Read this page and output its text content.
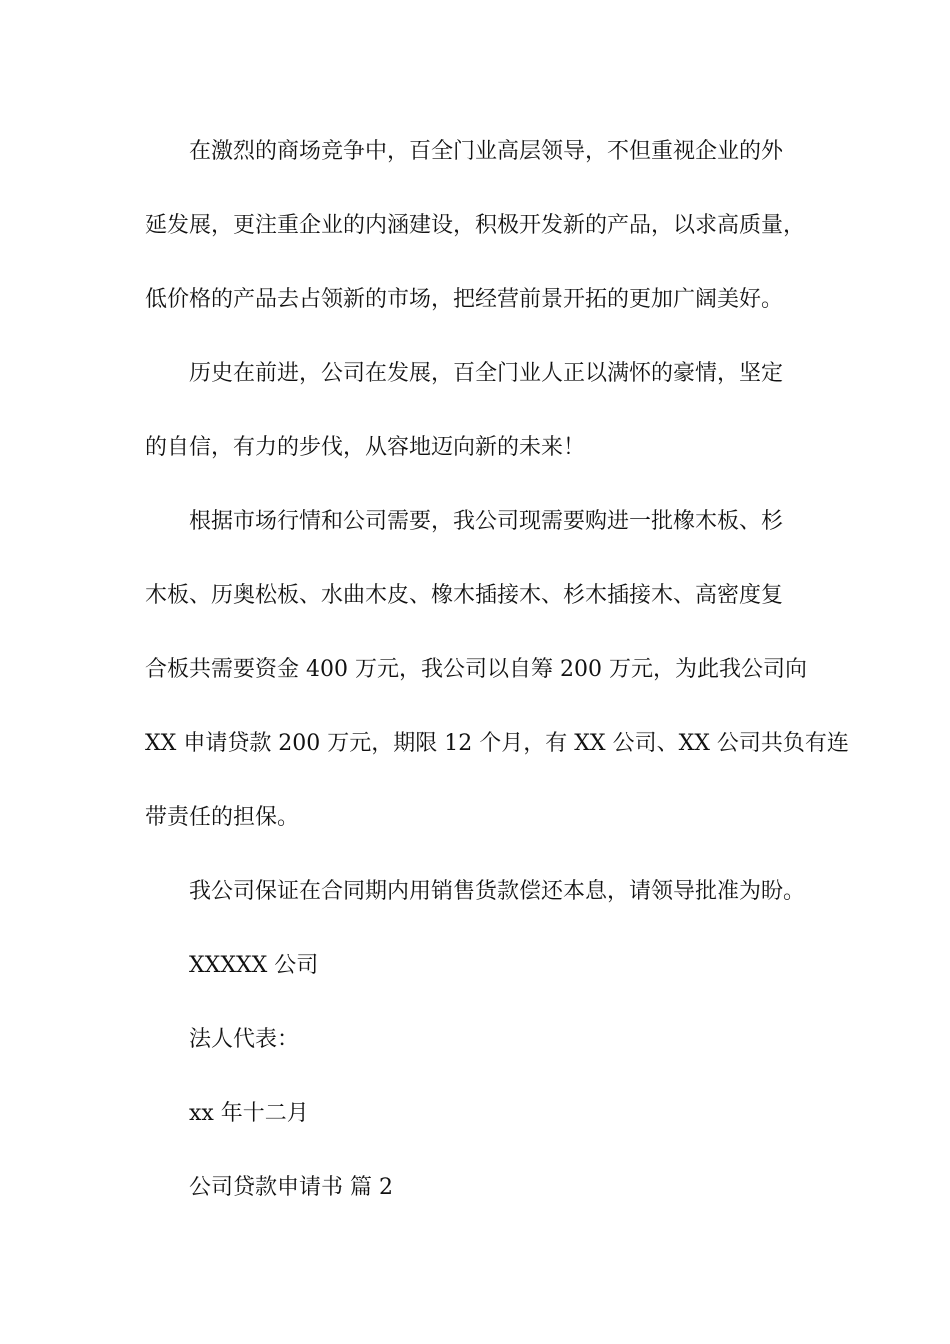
在激烈的商场竞争中，百全门业高层领导，不但重视企业的外
延发展，更注重企业的内涵建设，积极开发新的产品，以求高质量，
低价格的产品去占领新的市场，把经营前景开拓的更加广阔美好。
历史在前进，公司在发展，百全门业人正以满怀的豪情，坚定
的自信，有力的步伐，从容地迈向新的未来！
根据市场行情和公司需要，我公司现需要购进一批橡木板、杉
木板、历奥松板、水曲木皮、橡木插接木、杉木插接木、高密度复
合板共需要资金 400 万元，我公司以自筹 200 万元，为此我公司向
XX 申请贷款 200 万元，期限 12 个月，有 XX 公司、XX 公司共负有连
带责任的担保。
我公司保证在合同期内用销售货款偿还本息，请领导批准为盼。
XXXXX 公司
法人代表：
xx 年十二月
公司贷款申请书 篇 2
